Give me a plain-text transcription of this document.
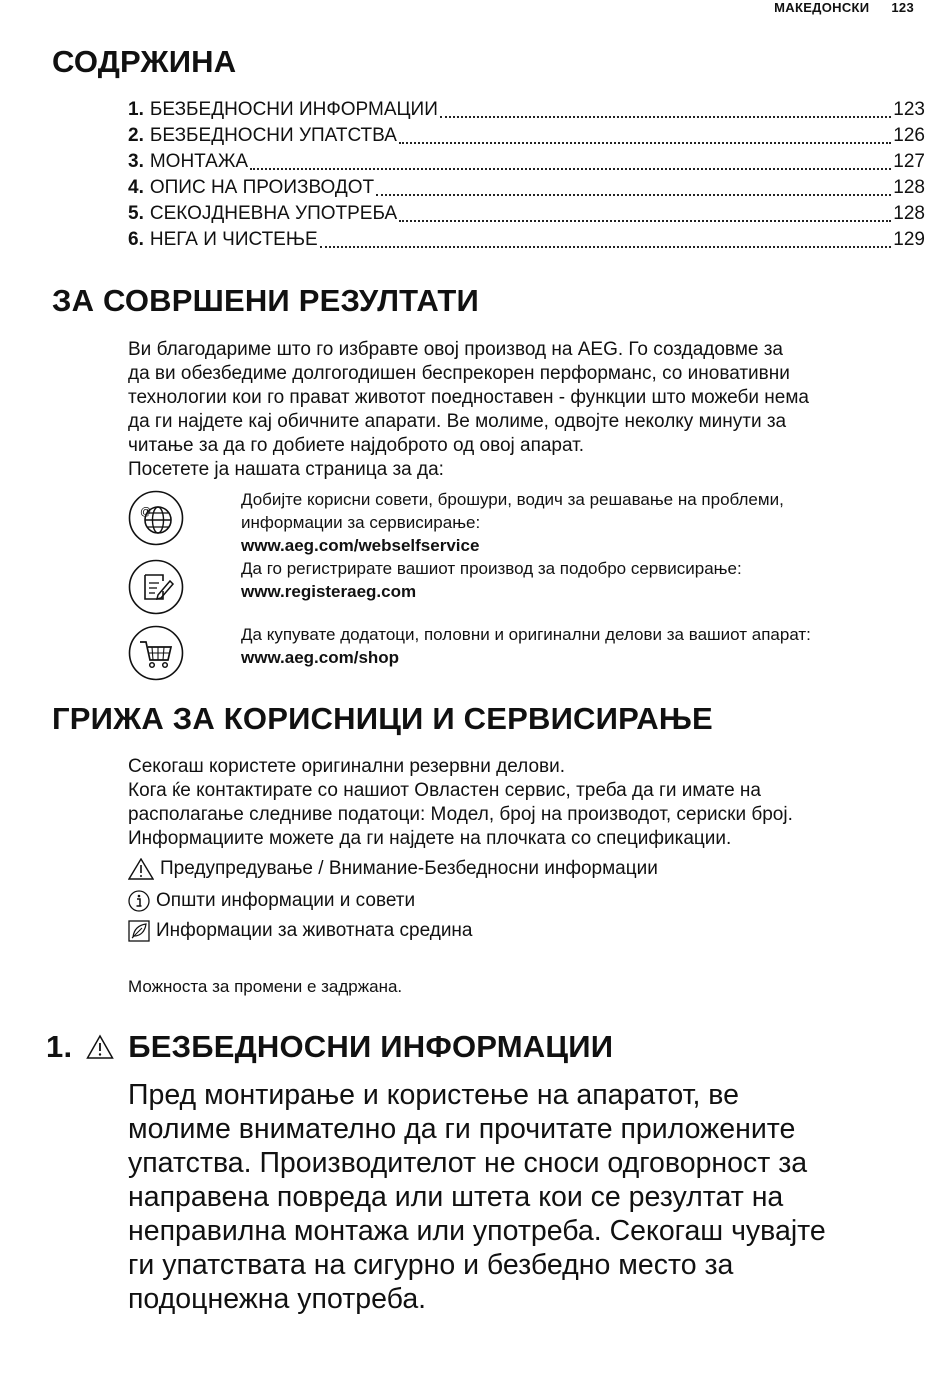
МАКЕДОНСКИ 123
СОДРЖИНА
1. БЕЗБЕДНОСНИ ИНФОРМАЦИИ	123
2. БЕЗБЕДНОСНИ УПАТСТВА	126
3. МОНТАЖА	127
4. ОПИС НА ПРОИЗВОДОТ	128
5. СЕКОЈДНЕВНА УПОТРЕБА	128
6. НЕГА И ЧИСТЕЊЕ	129
ЗА СОВРШЕНИ РЕЗУЛТАТИ
Ви благодариме што го избравте овој производ на AEG. Го создадовме за
да ви обезбедиме долгогодишен беспрекорен перформанс, со иновативни
технологии кои го прават животот поедноставен - функции што можеби нема
да ги најдете кај обичните апарати. Ве молиме, одвојте неколку минути за
читање за да го добиете најдоброто од овој апарат.
Посетете ја нашата страница за да:
@
Добијте корисни совети, брошури, водич за решавање на проблеми,
информации за сервисирање:
www.aeg.com/webselfservice
Да го регистрирате вашиот производ за подобро сервисирање:
www.registeraeg.com
Да купувате додатоци, половни и оригинални делови за вашиот апарат:
www.aeg.com/shop
ГРИЖА ЗА КОРИСНИЦИ И СЕРВИСИРАЊЕ
Секогаш користете оригинални резервни делови.
Кога ќе контактирате со нашиот Овластен сервис, треба да ги имате на
располагање следниве податоци: Модел, број на производот, сериски број.
Информациите можете да ги најдете на плочката со спецификации.
Предупредување / Внимание-Безбедносни информации
Општи информации и совети
Информации за животната средина
Можноста за промени е задржана.
1. БЕЗБЕДНОСНИ ИНФОРМАЦИИ
Пред монтирање и користење на апаратот, ве
молиме внимателно да ги прочитате приложените
упатства. Производителот не сноси одговорност за
направена повреда или штета кои се резултат на
неправилна монтажа или употреба. Секогаш чувајте
ги упатствата на сигурно и безбедно место за
подоцнежна употреба.
